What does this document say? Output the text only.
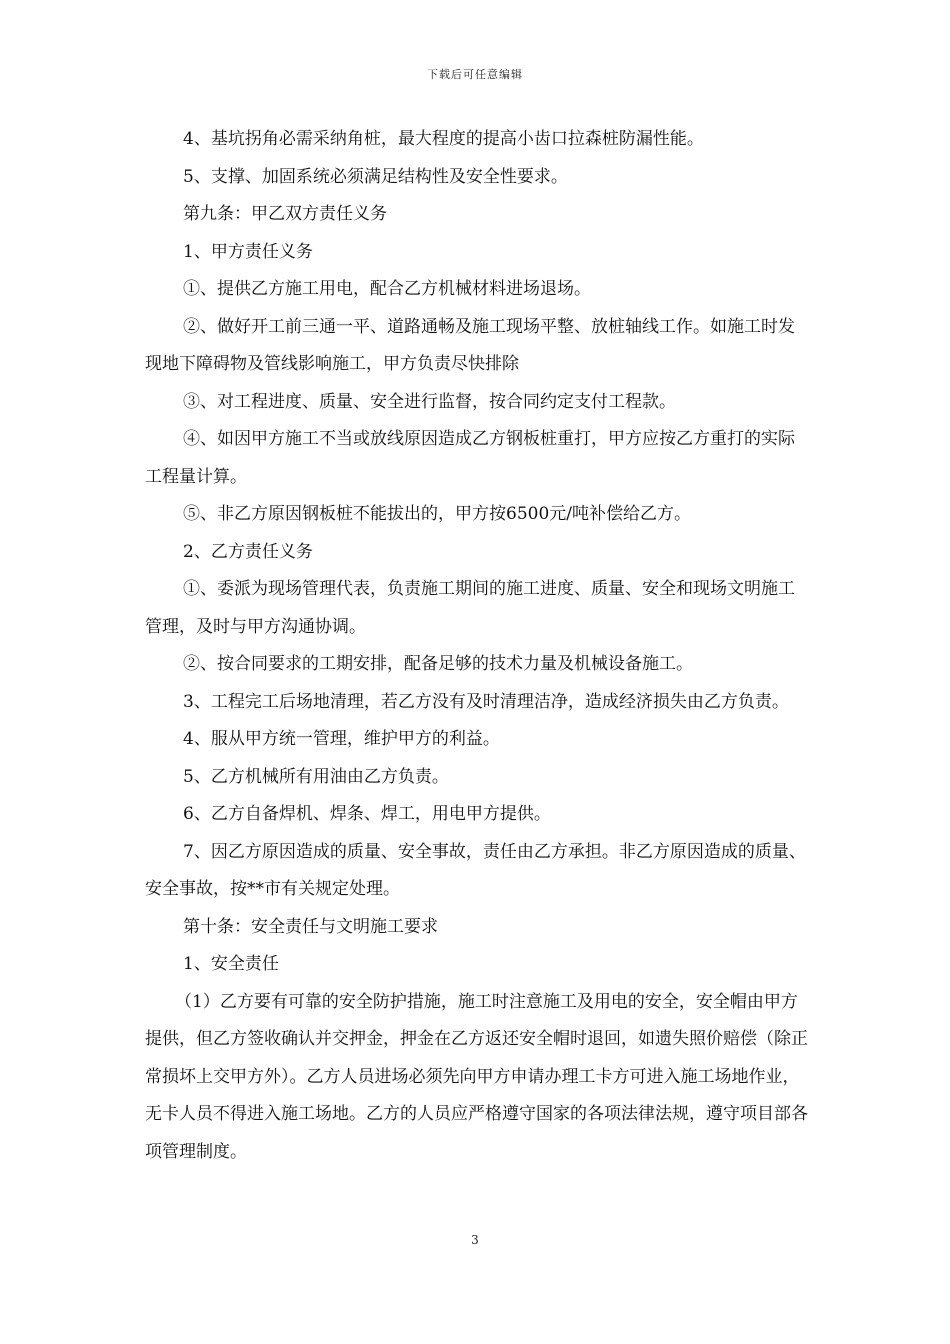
下载后可任意编辑

4、基坑拐角必需采纳角桩，最大程度的提高小齿口拉森桩防漏性能。

5、支撑、加固系统必须满足结构性及安全性要求。

第九条：甲乙双方责任义务

1、甲方责任义务

①、提供乙方施工用电，配合乙方机械材料进场退场。

②、做好开工前三通一平、道路通畅及施工现场平整、放桩轴线工作。如施工时发现地下障碍物及管线影响施工，甲方负责尽快排除

③、对工程进度、质量、安全进行监督，按合同约定支付工程款。

④、如因甲方施工不当或放线原因造成乙方钢板桩重打，甲方应按乙方重打的实际工程量计算。

⑤、非乙方原因钢板桩不能拔出的，甲方按6500元/吨补偿给乙方。

2、乙方责任义务

①、委派为现场管理代表，负责施工期间的施工进度、质量、安全和现场文明施工管理，及时与甲方沟通协调。

②、按合同要求的工期安排，配备足够的技术力量及机械设备施工。

3、工程完工后场地清理，若乙方没有及时清理洁净，造成经济损失由乙方负责。

4、服从甲方统一管理，维护甲方的利益。

5、乙方机械所有用油由乙方负责。

6、乙方自备焊机、焊条、焊工，用电甲方提供。

7、因乙方原因造成的质量、安全事故，责任由乙方承担。非乙方原因造成的质量、安全事故，按**市有关规定处理。

第十条：安全责任与文明施工要求

1、安全责任

（1）乙方要有可靠的安全防护措施，施工时注意施工及用电的安全，安全帽由甲方提供，但乙方签收确认并交押金，押金在乙方返还安全帽时退回，如遗失照价赔偿（除正常损坏上交甲方外）。乙方人员进场必须先向甲方申请办理工卡方可进入施工场地作业，无卡人员不得进入施工场地。乙方的人员应严格遵守国家的各项法律法规，遵守项目部各项管理制度。

3
